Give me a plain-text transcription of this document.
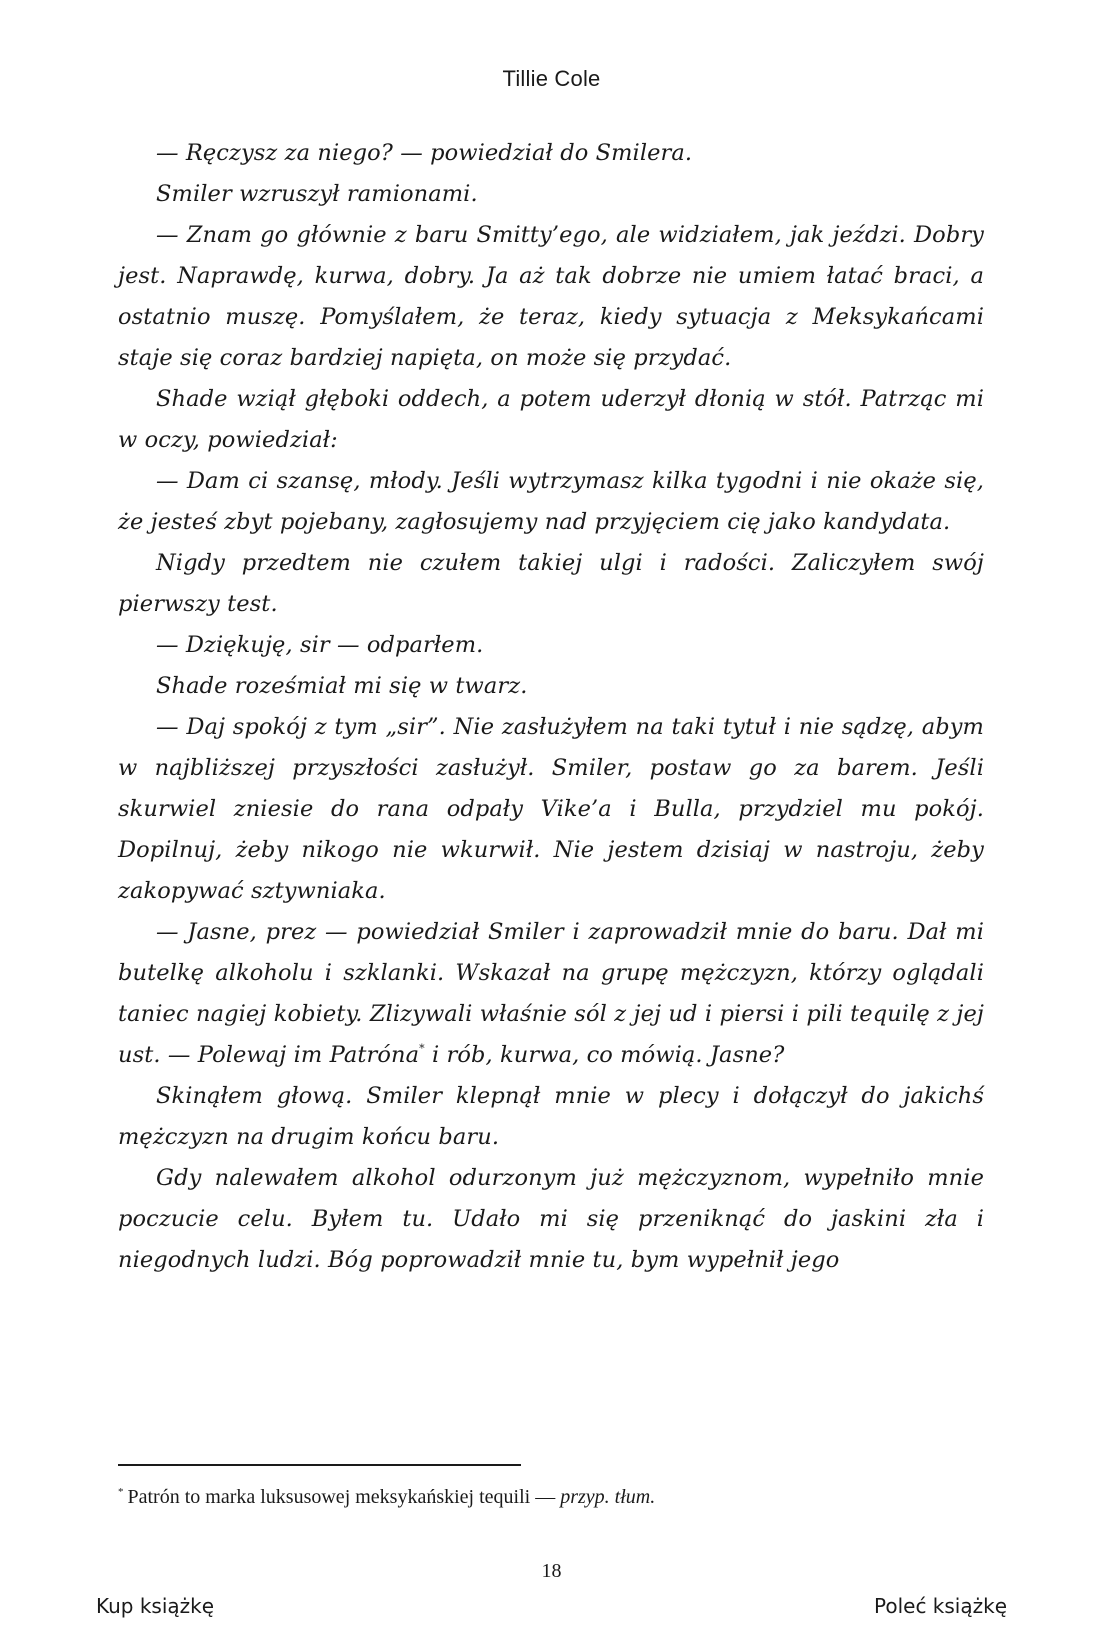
Tillie Cole

— Ręczysz za niego? — powiedział do Smilera.

Smiler wzruszył ramionami.

— Znam go głównie z baru Smitty’ego, ale widziałem, jak jeździ. Dobry jest. Naprawdę, kurwa, dobry. Ja aż tak dobrze nie umiem łatać braci, a ostatnio muszę. Pomyślałem, że teraz, kiedy sytuacja z Meksykańcami staje się coraz bardziej napięta, on może się przydać.

Shade wziął głęboki oddech, a potem uderzył dłonią w stół. Patrząc mi w oczy, powiedział:

— Dam ci szansę, młody. Jeśli wytrzymasz kilka tygodni i nie okaże się, że jesteś zbyt pojebany, zagłosujemy nad przyjęciem cię jako kandydata.

Nigdy przedtem nie czułem takiej ulgi i radości. Zaliczyłem swój pierwszy test.

— Dziękuję, sir — odparłem.

Shade roześmiał mi się w twarz.

— Daj spokój z tym „sir”. Nie zasłużyłem na taki tytuł i nie sądzę, abym w najbliższej przyszłości zasłużył. Smiler, postaw go za barem. Jeśli skurwiel zniesie do rana odpały Vike’a i Bulla, przydziel mu pokój. Dopilnuj, żeby nikogo nie wkurwił. Nie jestem dzisiaj w nastroju, żeby zakopywać sztywniaka.

— Jasne, prez — powiedział Smiler i zaprowadził mnie do baru. Dał mi butelkę alkoholu i szklanki. Wskazał na grupę mężczyzn, którzy oglądali taniec nagiej kobiety. Zlizywali właśnie sól z jej ud i piersi i pili tequilę z jej ust. — Polewaj im Patróna* i rób, kurwa, co mówią. Jasne?

Skinąłem głową. Smiler klepnął mnie w plecy i dołączył do jakichś mężczyzn na drugim końcu baru.

Gdy nalewałem alkohol odurzonym już mężczyznom, wypełniło mnie poczucie celu. Byłem tu. Udało mi się przeniknąć do jaskini zła i niegodnych ludzi. Bóg poprowadził mnie tu, bym wypełnił jego

* Patrón to marka luksusowej meksykańskiej tequili — przyp. tłum.
18
Kup książkę	Poleć książkę
